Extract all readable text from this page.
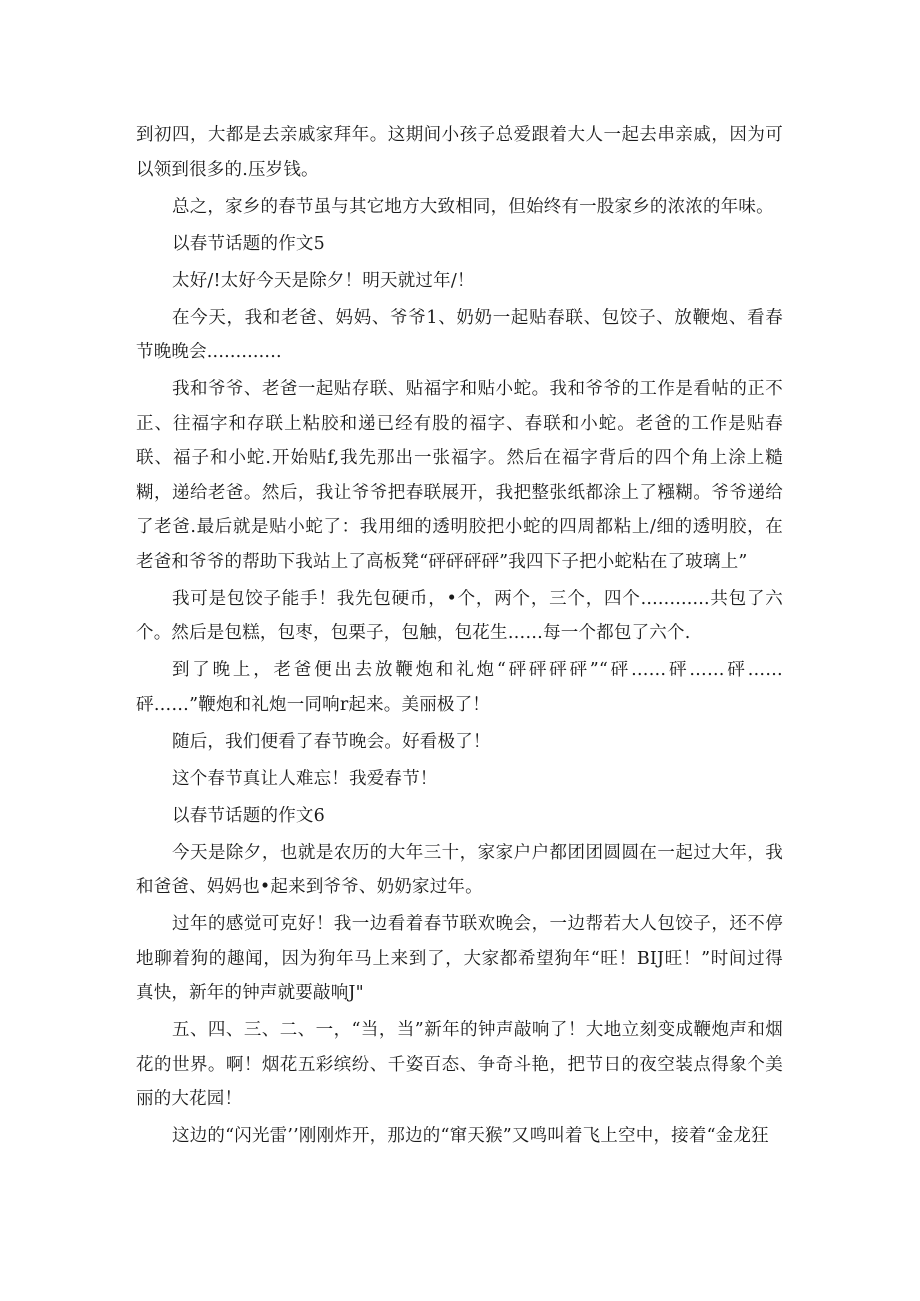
到初四，大都是去亲戚家拜年。这期间小孩子总爱跟着大人一起去串亲戚，因为可以领到很多的.压岁钱。

总之，家乡的春节虽与其它地方大致相同，但始终有一股家乡的浓浓的年味。

以春节话题的作文5

太好/!太好今天是除夕！明天就过年/！

在今天，我和老爸、妈妈、爷爷1、奶奶一起贴春联、包饺子、放鞭炮、看春节晚晚会.............

我和爷爷、老爸一起贴存联、贴福字和贴小蛇。我和爷爷的工作是看帖的正不正、往福字和存联上粘胶和递已经有股的福字、春联和小蛇。老爸的工作是贴春联、福子和小蛇.开始贴f,我先那出一张福字。然后在福字背后的四个角上涂上糙糊，递给老爸。然后，我让爷爷把春联展开，我把整张纸都涂上了糨糊。爷爷递给了老爸.最后就是贴小蛇了：我用细的透明胶把小蛇的四周都粘上/细的透明胶，在老爸和爷爷的帮助下我站上了高板凳“砰砰砰砰”我四下子把小蛇粘在了玻璃上”

我可是包饺子能手！我先包硬币，•个，两个，三个，四个............共包了六个。然后是包糕，包枣，包栗子，包触，包花生……每一个都包了六个.

到了晚上，老爸便出去放鞭炮和礼炮“砰砰砰砰”“砰……砰……砰……砰……”鞭炮和礼炮一同响r起来。美丽极了！

随后，我们便看了春节晚会。好看极了！

这个春节真让人难忘！我爱春节！

以春节话题的作文6

今天是除夕，也就是农历的大年三十，家家户户都团团圆圆在一起过大年，我和爸爸、妈妈也•起来到爷爷、奶奶家过年。

过年的感觉可克好！我一边看着春节联欢晚会，一边帮若大人包饺子，还不停地聊着狗的趣闻，因为狗年马上来到了，大家都希望狗年“旺！BIJ旺！”时间过得真快，新年的钟声就要敲响J"

五、四、三、二、一，“当，当”新年的钟声敲响了！大地立刻变成鞭炮声和烟花的世界。啊！烟花五彩缤纷、千姿百态、争奇斗艳，把节日的夜空装点得象个美丽的大花园！

这边的“闪光雷’’刚刚炸开，那边的“窜天猴”又鸣叫着飞上空中，接着“金龙狂
